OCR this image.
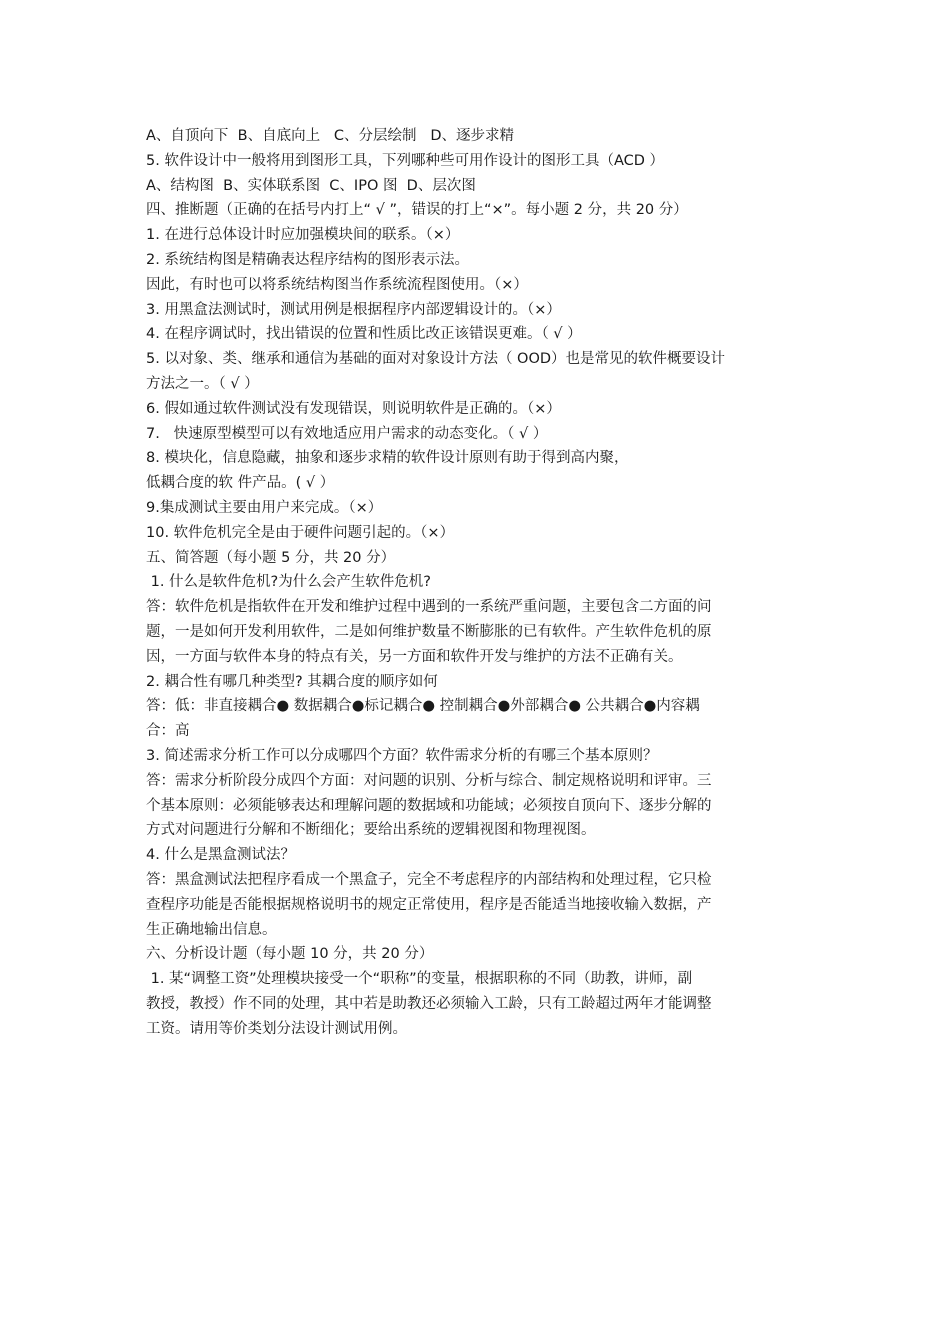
A、自顶向下  B、自底向上   C、分层绘制   D、逐步求精

5. 软件设计中一般将用到图形工具，下列哪种些可用作设计的图形工具（ACD ）

A、结构图  B、实体联系图  C、IPO 图  D、层次图

四、推断题（正确的在括号内打上“ √ ”，错误的打上“×”。每小题 2 分，共 20 分）

1. 在进行总体设计时应加强模块间的联系。（×）

2. 系统结构图是精确表达程序结构的图形表示法。

因此，有时也可以将系统结构图当作系统流程图使用。（×）

3. 用黑盒法测试时，测试用例是根据程序内部逻辑设计的。（×）

4. 在程序调试时，找出错误的位置和性质比改正该错误更难。（ √ ）

5. 以对象、类、继承和通信为基础的面对对象设计方法（ OOD）也是常见的软件概要设计

方法之一。（ √ ）

6. 假如通过软件测试没有发现错误，则说明软件是正确的。（×）

7.   快速原型模型可以有效地适应用户需求的动态变化。（ √ ）

8. 模块化，信息隐藏，抽象和逐步求精的软件设计原则有助于得到高内聚，

低耦合度的软 件产品。( √ ）

9.集成测试主要由用户来完成。（×）

10. 软件危机完全是由于硬件问题引起的。（×）

五、简答题（每小题 5 分，共 20 分）

1. 什么是软件危机?为什么会产生软件危机?

答：软件危机是指软件在开发和维护过程中遇到的一系统严重问题，主要包含二方面的问

题，一是如何开发利用软件，二是如何维护数量不断膨胀的已有软件。产生软件危机的原

因，一方面与软件本身的特点有关，另一方面和软件开发与维护的方法不正确有关。

2. 耦合性有哪几种类型? 其耦合度的顺序如何

答：低：非直接耦合● 数据耦合●标记耦合● 控制耦合●外部耦合● 公共耦合●内容耦

合：高

3. 简述需求分析工作可以分成哪四个方面？软件需求分析的有哪三个基本原则？

答：需求分析阶段分成四个方面：对问题的识别、分析与综合、制定规格说明和评审。三

个基本原则：必须能够表达和理解问题的数据域和功能域；必须按自顶向下、逐步分解的

方式对问题进行分解和不断细化；要给出系统的逻辑视图和物理视图。

4. 什么是黑盒测试法？

答：黑盒测试法把程序看成一个黑盒子，完全不考虑程序的内部结构和处理过程，它只检

查程序功能是否能根据规格说明书的规定正常使用，程序是否能适当地接收输入数据，产

生正确地输出信息。

六、分析设计题（每小题 10 分，共 20 分）

1. 某“调整工资”处理模块接受一个“职称”的变量，根据职称的不同（助教，讲师，副

教授，教授）作不同的处理，其中若是助教还必须输入工龄，只有工龄超过两年才能调整

工资。请用等价类划分法设计测试用例。
